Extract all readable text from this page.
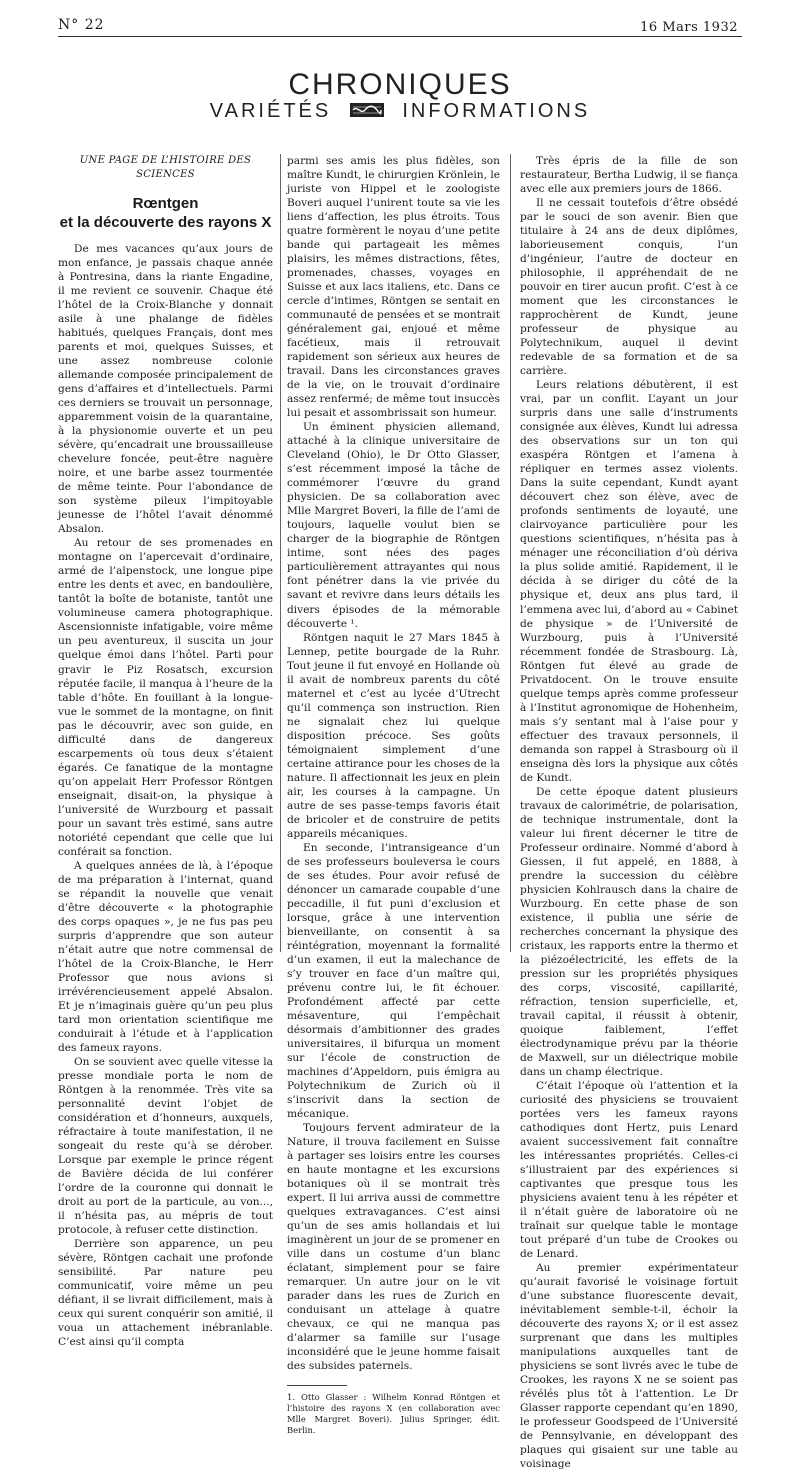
N° 22	16 Mars 1932
CHRONIQUES
VARIÉTÉS	INFORMATIONS
UNE PAGE DE L’HISTOIRE DES SCIENCES
Rœntgen
et la découverte des rayons X

De mes vacances qu’aux jours de mon enfance, je passais chaque année à Pontresina, dans la riante Engadine, il me revient ce souvenir. Chaque été l’hôtel de la Croix-Blanche y donnait asile à une phalange de fidèles habitués, quelques Français, dont mes parents et moi, quelques Suisses, et une assez nombreuse colonie allemande composée principalement de gens d’affaires et d’intellectuels. Parmi ces derniers se trouvait un personnage, apparemment voisin de la quarantaine, à la physionomie ouverte et un peu sévère, qu’encadrait une broussailleuse chevelure foncée, peut-être naguère noire, et une barbe assez tourmentée de même teinte. Pour l’abondance de son système pileux l’impitoyable jeunesse de l’hôtel l’avait dénommé Absalon.

Au retour de ses promenades en montagne on l’apercevait d’ordinaire, armé de l’alpenstock, une longue pipe entre les dents et avec, en bandoulière, tantôt la boîte de botaniste, tantôt une volumineuse camera photographique. Ascensionniste infatigable, voire même un peu aventureux, il suscita un jour quelque émoi dans l’hôtel. Parti pour gravir le Piz Rosatsch, excursion réputée facile, il manqua à l’heure de la table d’hôte. En fouillant à la longue-vue le sommet de la montagne, on finit pas le découvrir, avec son guide, en difficulté dans de dangereux escarpements où tous deux s’étaient égarés. Ce fanatique de la montagne qu’on appelait Herr Professor Röntgen enseignait, disait-on, la physique à l’université de Wurzbourg et passait pour un savant très estimé, sans autre notoriété cependant que celle que lui conférait sa fonction.

A quelques années de là, à l’époque de ma préparation à l’internat, quand se répandit la nouvelle que venait d’être découverte « la photographie des corps opaques », je ne fus pas peu surpris d’apprendre que son auteur n’était autre que notre commensal de l’hôtel de la Croix-Blanche, le Herr Professor que nous avions si irrévérencieusement appelé Absalon. Et je n’imaginais guère qu’un peu plus tard mon orientation scientifique me conduirait à l’étude et à l’application des fameux rayons.

On se souvient avec quelle vitesse la presse mondiale porta le nom de Röntgen à la renommée. Très vite sa personnalité devint l’objet de considération et d’honneurs, auxquels, réfractaire à toute manifestation, il ne songeait du reste qu’à se dérober. Lorsque par exemple le prince régent de Bavière décida de lui conférer l’ordre de la couronne qui donnait le droit au port de la particule, au von..., il n’hésita pas, au mépris de tout protocole, à refuser cette distinction.

Derrière son apparence, un peu sévère, Röntgen cachait une profonde sensibilité. Par nature peu communicatif, voire même un peu défiant, il se livrait difficilement, mais à ceux qui surent conquérir son amitié, il voua un attachement inébranlable. C’est ainsi qu’il compta

parmi ses amis les plus fidèles, son maître Kundt, le chirurgien Krönlein, le juriste von Hippel et le zoologiste Boveri auquel l’unirent toute sa vie les liens d’affection, les plus étroits. Tous quatre formèrent le noyau d’une petite bande qui partageait les mêmes plaisirs, les mêmes distractions, fêtes, promenades, chasses, voyages en Suisse et aux lacs italiens, etc. Dans ce cercle d’intimes, Röntgen se sentait en communauté de pensées et se montrait généralement gai, enjoué et même facétieux, mais il retrouvait rapidement son sérieux aux heures de travail. Dans les circonstances graves de la vie, on le trouvait d’ordinaire assez renfermé; de même tout insuccès lui pesait et assombrissait son humeur.

Un éminent physicien allemand, attaché à la clinique universitaire de Cleveland (Ohio), le Dr Otto Glasser, s’est récemment imposé la tâche de commémorer l’œuvre du grand physicien. De sa collaboration avec Mlle Margret Boveri, la fille de l’ami de toujours, laquelle voulut bien se charger de la biographie de Röntgen intime, sont nées des pages particulièrement attrayantes qui nous font pénétrer dans la vie privée du savant et revivre dans leurs détails les divers épisodes de la mémorable découverte ¹.

Röntgen naquit le 27 Mars 1845 à Lennep, petite bourgade de la Ruhr. Tout jeune il fut envoyé en Hollande où il avait de nombreux parents du côté maternel et c’est au lycée d’Utrecht qu’il commença son instruction. Rien ne signalait chez lui quelque disposition précoce. Ses goûts témoignaient simplement d’une certaine attirance pour les choses de la nature. Il affectionnait les jeux en plein air, les courses à la campagne. Un autre de ses passe-temps favoris était de bricoler et de construire de petits appareils mécaniques.

En seconde, l’intransigeance d’un de ses professeurs bouleversa le cours de ses études. Pour avoir refusé de dénoncer un camarade coupable d’une peccadille, il fut puni d’exclusion et lorsque, grâce à une intervention bienveillante, on consentit à sa réintégration, moyennant la formalité d’un examen, il eut la malechance de s’y trouver en face d’un maître qui, prévenu contre lui, le fit échouer. Profondément affecté par cette mésaventure, qui l’empêchait désormais d’ambitionner des grades universitaires, il bifurqua un moment sur l’école de construction de machines d’Appeldorn, puis émigra au Polytechnikum de Zurich où il s’inscrivit dans la section de mécanique.

Toujours fervent admirateur de la Nature, il trouva facilement en Suisse à partager ses loisirs entre les courses en haute montagne et les excursions botaniques où il se montrait très expert. Il lui arriva aussi de commettre quelques extravagances. C’est ainsi qu’un de ses amis hollandais et lui imaginèrent un jour de se promener en ville dans un costume d’un blanc éclatant, simplement pour se faire remarquer. Un autre jour on le vit parader dans les rues de Zurich en conduisant un attelage à quatre chevaux, ce qui ne manqua pas d’alarmer sa famille sur l’usage inconsidéré que le jeune homme faisait des subsides paternels.

1. Otto Glasser : Wilhelm Konrad Röntgen et l’histoire des rayons X (en collaboration avec Mlle Margret Boveri). Julius Springer, édit. Berlin.

Très épris de la fille de son restaurateur, Bertha Ludwig, il se fiança avec elle aux premiers jours de 1866.

Il ne cessait toutefois d’être obsédé par le souci de son avenir. Bien que titulaire à 24 ans de deux diplômes, laborieusement conquis, l’un d’ingénieur, l’autre de docteur en philosophie, il appréhendait de ne pouvoir en tirer aucun profit. C’est à ce moment que les circonstances le rapprochèrent de Kundt, jeune professeur de physique au Polytechnikum, auquel il devint redevable de sa formation et de sa carrière.

Leurs relations débutèrent, il est vrai, par un conflit. L’ayant un jour surpris dans une salle d’instruments consignée aux élèves, Kundt lui adressa des observations sur un ton qui exaspéra Röntgen et l’amena à répliquer en termes assez violents. Dans la suite cependant, Kundt ayant découvert chez son élève, avec de profonds sentiments de loyauté, une clairvoyance particulière pour les questions scientifiques, n’hésita pas à ménager une réconciliation d’où dériva la plus solide amitié. Rapidement, il le décida à se diriger du côté de la physique et, deux ans plus tard, il l’emmena avec lui, d’abord au « Cabinet de physique » de l’Université de Wurzbourg, puis à l’Université récemment fondée de Strasbourg. Là, Röntgen fut élevé au grade de Privatdocent. On le trouve ensuite quelque temps après comme professeur à l’Institut agronomique de Hohenheim, mais s’y sentant mal à l’aise pour y effectuer des travaux personnels, il demanda son rappel à Strasbourg où il enseigna dès lors la physique aux côtés de Kundt.

De cette époque datent plusieurs travaux de calorimétrie, de polarisation, de technique instrumentale, dont la valeur lui firent décerner le titre de Professeur ordinaire. Nommé d’abord à Giessen, il fut appelé, en 1888, à prendre la succession du célèbre physicien Kohlrausch dans la chaire de Wurzbourg. En cette phase de son existence, il publia une série de recherches concernant la physique des cristaux, les rapports entre la thermo et la piézoélectricité, les effets de la pression sur les propriétés physiques des corps, viscosité, capillarité, réfraction, tension superficielle, et, travail capital, il réussit à obtenir, quoique faiblement, l’effet électrodynamique prévu par la théorie de Maxwell, sur un diélectrique mobile dans un champ électrique.

C’était l’époque où l’attention et la curiosité des physiciens se trouvaient portées vers les fameux rayons cathodiques dont Hertz, puis Lenard avaient successivement fait connaître les intéressantes propriétés. Celles-ci s’illustraient par des expériences si captivantes que presque tous les physiciens avaient tenu à les répéter et il n’était guère de laboratoire où ne traînait sur quelque table le montage tout préparé d’un tube de Crookes ou de Lenard.

Au premier expérimentateur qu’aurait favorisé le voisinage fortuit d’une substance fluorescente devait, inévitablement semble-t-il, échoir la découverte des rayons X; or il est assez surprenant que dans les multiples manipulations auxquelles tant de physiciens se sont livrés avec le tube de Crookes, les rayons X ne se soient pas révélés plus tôt à l’attention. Le Dr Glasser rapporte cependant qu’en 1890, le professeur Goodspeed de l’Université de Pennsylvanie, en développant des plaques qui gisaient sur une table au voisinage
